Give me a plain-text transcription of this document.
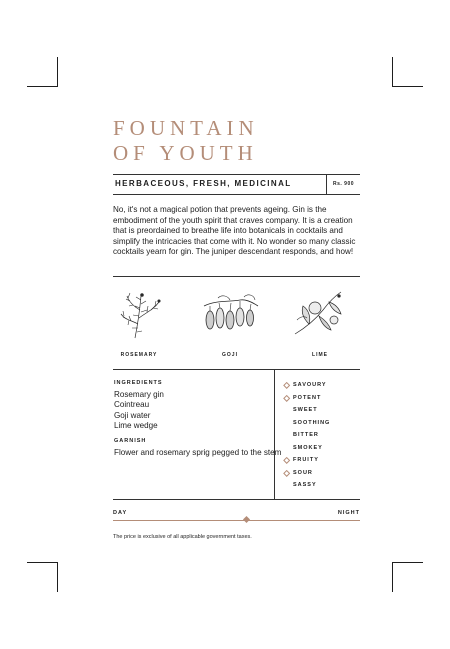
FOUNTAIN
OF YOUTH
HERBACEOUS, FRESH, MEDICINAL	Rs. 900

No, it's not a magical potion that prevents ageing. Gin is the embodiment of the youth spirit that craves company. It is a creation that is preordained to breathe life into botanicals in cocktails and simplify the intricacies that come with it. No wonder so many classic cocktails yearn for gin. The juniper descendant responds, and how!

ROSEMARY	GOJI	LIME
INGREDIENTS
Rosemary gin
Cointreau
Goji water
Lime wedge
GARNISH
Flower and rosemary sprig pegged to the stem
SAVOURY
POTENT
SWEET
SOOTHING
BITTER
SMOKEY
FRUITY
SOUR
SASSY
DAY	NIGHT
The price is exclusive of all applicable government taxes.
